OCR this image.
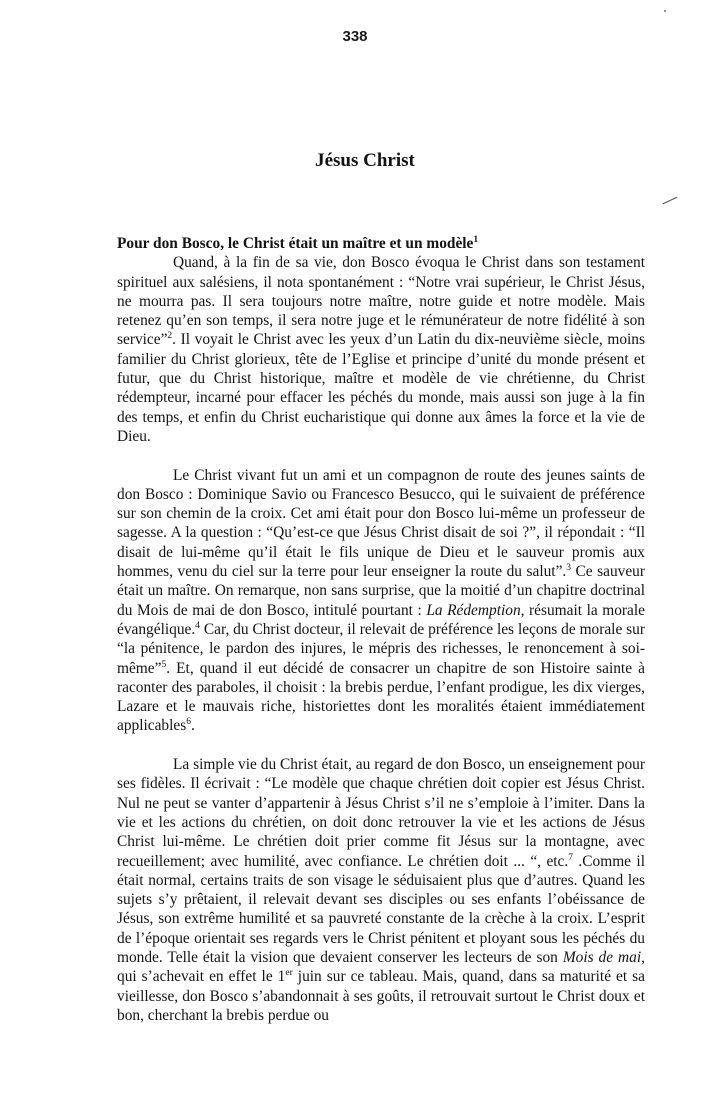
338
Jésus Christ

Pour don Bosco, le Christ était un maître et un modèle$^1$

Quand, à la fin de sa vie, don Bosco évoqua le Christ dans son testament spirituel aux salésiens, il nota spontanément : “Notre vrai supérieur, le Christ Jésus, ne mourra pas. Il sera toujours notre maître, notre guide et notre modèle. Mais retenez qu’en son temps, il sera notre juge et le rémunérateur de notre fidélité à son service”$^2$. Il voyait le Christ avec les yeux d’un Latin du dix-neuvième siècle, moins familier du Christ glorieux, tête de l’Eglise et principe d’unité du monde présent et futur, que du Christ historique, maître et modèle de vie chrétienne, du Christ rédempteur, incarné pour effacer les péchés du monde, mais aussi son juge à la fin des temps, et enfin du Christ eucharistique qui donne aux âmes la force et la vie de Dieu.

Le Christ vivant fut un ami et un compagnon de route des jeunes saints de don Bosco : Dominique Savio ou Francesco Besucco, qui le suivaient de préférence sur son chemin de la croix. Cet ami était pour don Bosco lui-même un professeur de sagesse. A la question : “Qu’est-ce que Jésus Christ disait de soi ?”, il répondait : “Il disait de lui-même qu’il était le fils unique de Dieu et le sauveur promis aux hommes, venu du ciel sur la terre pour leur enseigner la route du salut”.$^3$ Ce sauveur était un maître. On remarque, non sans surprise, que la moitié d’un chapitre doctrinal du Mois de mai de don Bosco, intitulé pourtant : La Rédemption, résumait la morale évangélique.$^4$ Car, du Christ docteur, il relevait de préférence les leçons de morale sur “la pénitence, le pardon des injures, le mépris des richesses, le renoncement à soi-même”$^5$. Et, quand il eut décidé de consacrer un chapitre de son Histoire sainte à raconter des paraboles, il choisit : la brebis perdue, l’enfant prodigue, les dix vierges, Lazare et le mauvais riche, historiettes dont les moralités étaient immédiatement applicables$^6$.

La simple vie du Christ était, au regard de don Bosco, un enseignement pour ses fidèles. Il écrivait : “Le modèle que chaque chrétien doit copier est Jésus Christ. Nul ne peut se vanter d’appartenir à Jésus Christ s’il ne s’emploie à l’imiter. Dans la vie et les actions du chrétien, on doit donc retrouver la vie et les actions de Jésus Christ lui-même. Le chrétien doit prier comme fit Jésus sur la montagne, avec recueillement; avec humilité, avec confiance. Le chrétien doit ... “, etc.$^7$ .Comme il était normal, certains traits de son visage le séduisaient plus que d’autres. Quand les sujets s’y prêtaient, il relevait devant ses disciples ou ses enfants l’obéissance de Jésus, son extrême humilité et sa pauvreté constante de la crèche à la croix. L’esprit de l’époque orientait ses regards vers le Christ pénitent et ployant sous les péchés du monde. Telle était la vision que devaient conserver les lecteurs de son Mois de mai, qui s’achevait en effet le 1er juin sur ce tableau. Mais, quand, dans sa maturité et sa vieillesse, don Bosco s’abandonnait à ses goûts, il retrouvait surtout le Christ doux et bon, cherchant la brebis perdue ou
